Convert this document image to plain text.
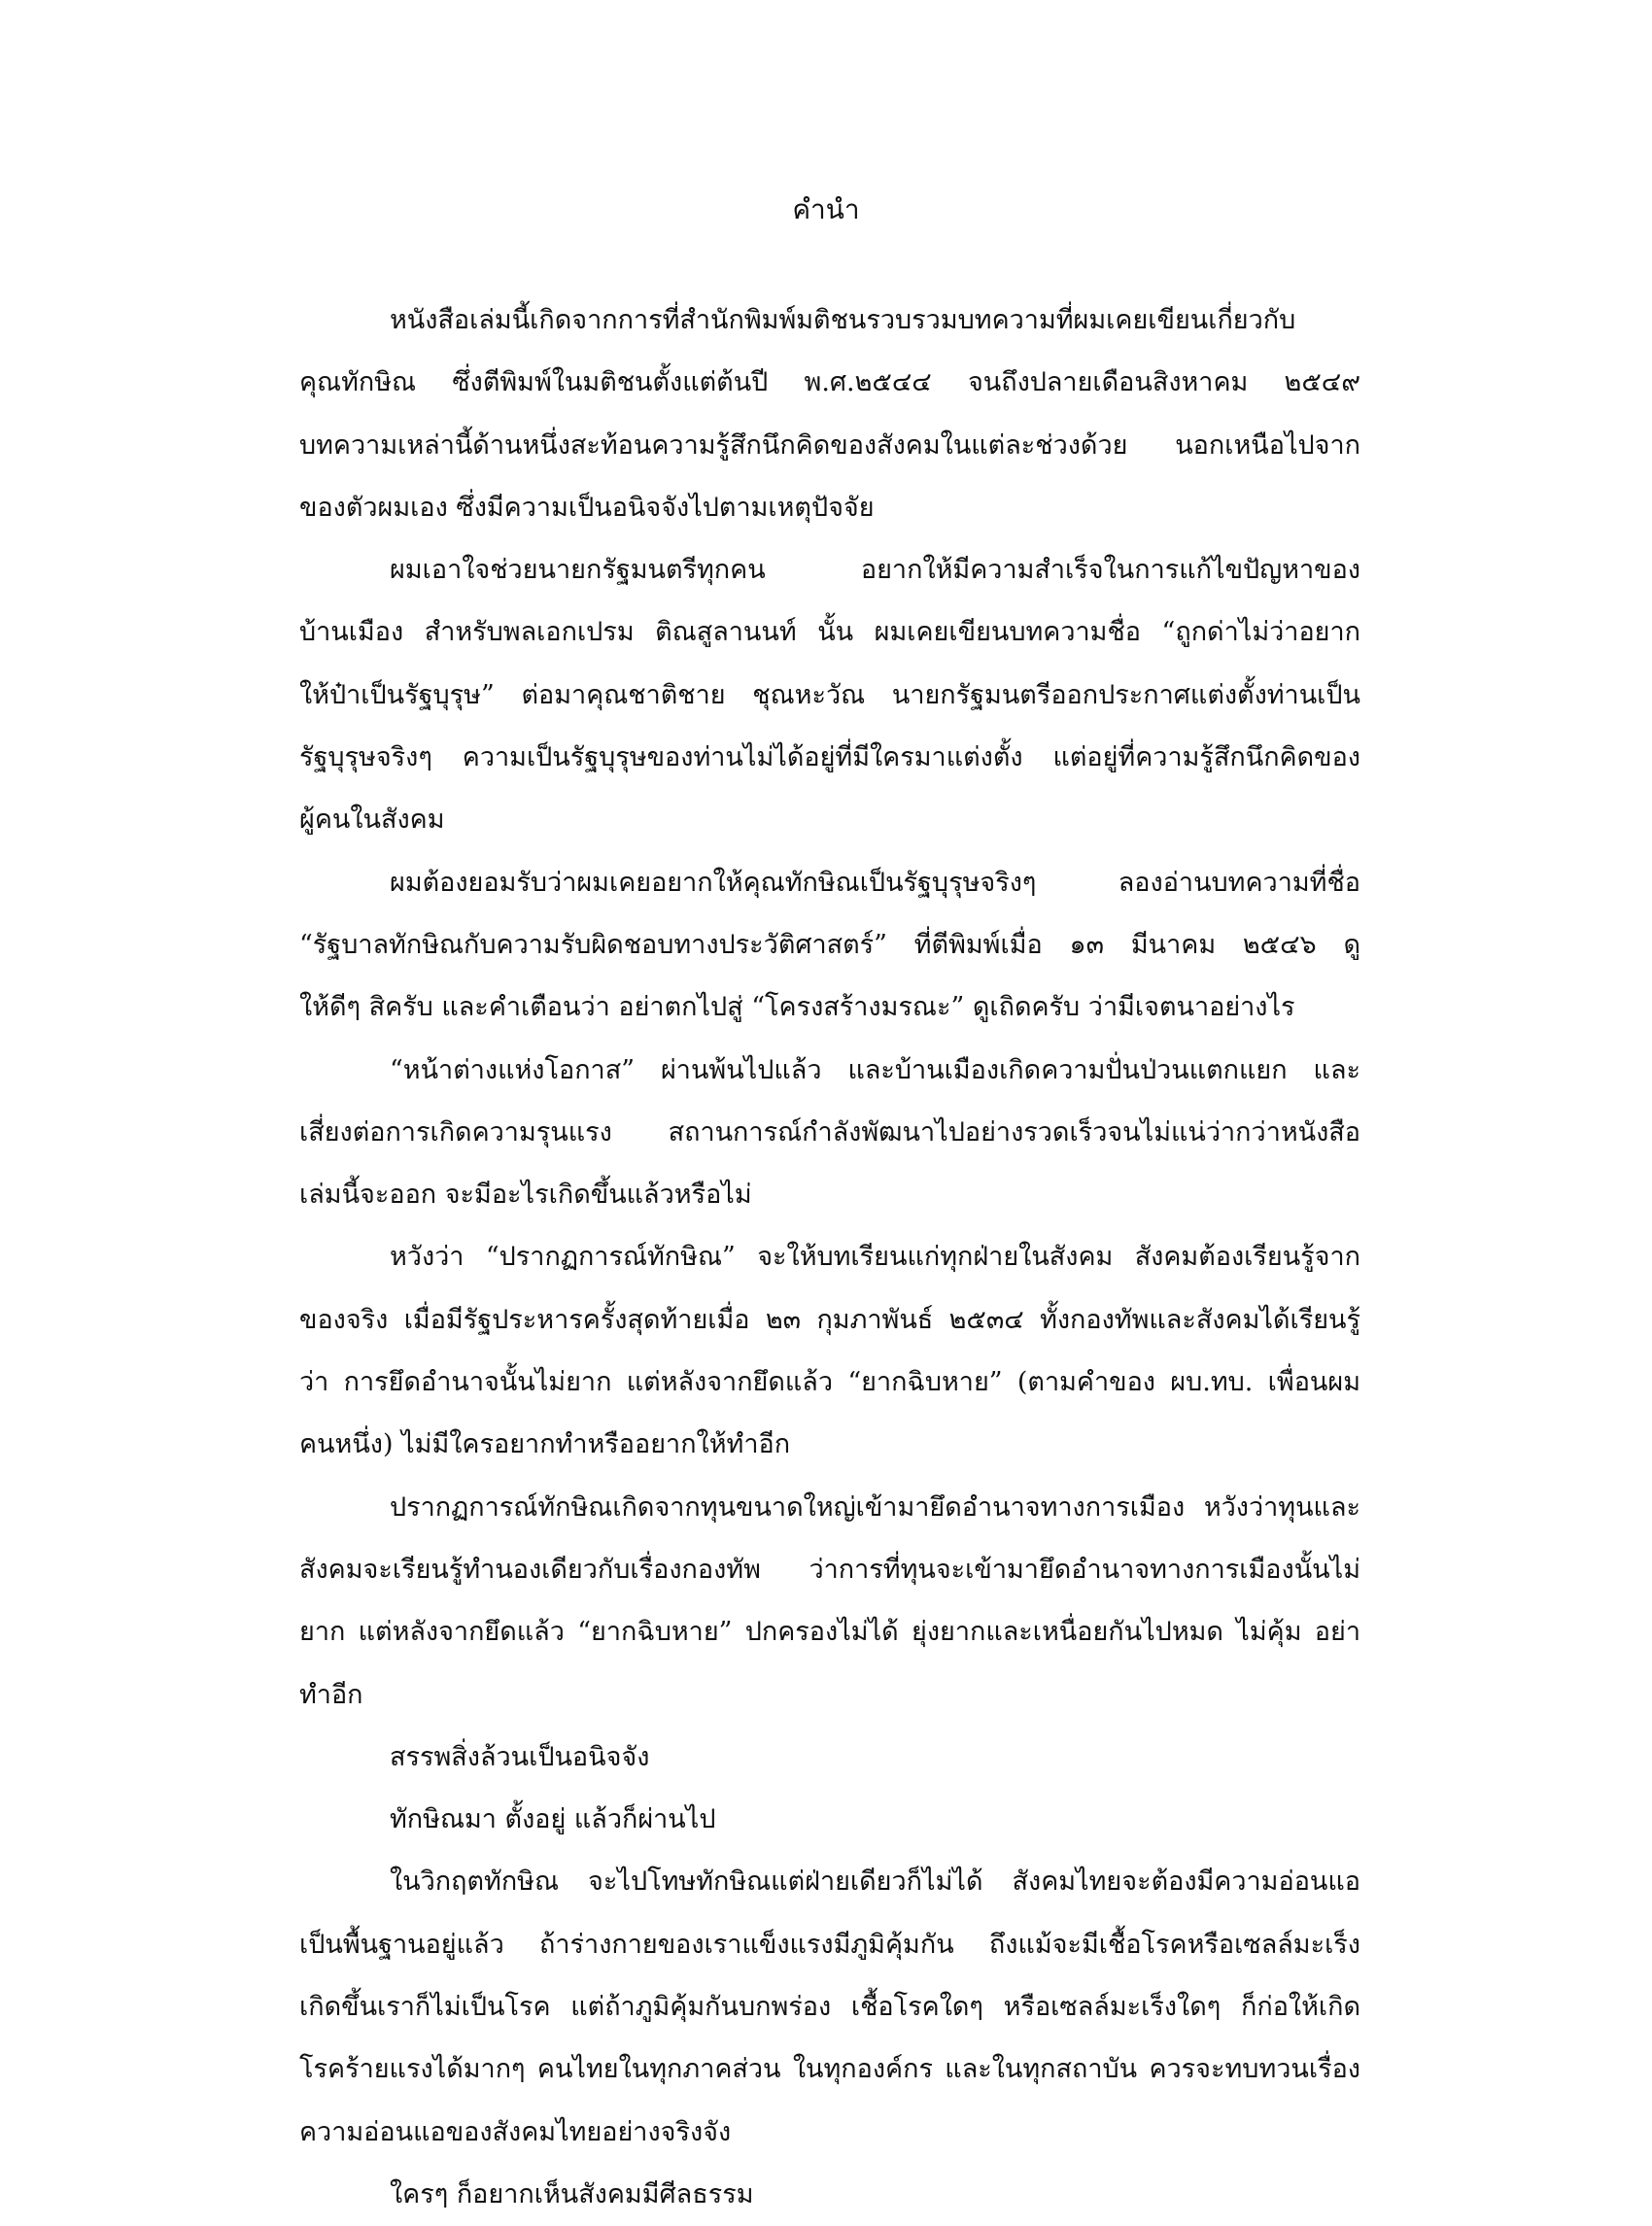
คำนำ
หนังสือเล่มนี้เกิดจากการที่สำนักพิมพ์มติชนรวบรวมบทความที่ผมเคยเขียนเกี่ยวกับ
คุณทักษิณ ซึ่งตีพิมพ์ในมติชนตั้งแต่ต้นปี พ.ศ.๒๕๔๔ จนถึงปลายเดือนสิงหาคม ๒๕๔๙
บทความเหล่านี้ด้านหนึ่งสะท้อนความรู้สึกนึกคิดของสังคมในแต่ละช่วงด้วย นอกเหนือไปจาก
ของตัวผมเอง ซึ่งมีความเป็นอนิจจังไปตามเหตุปัจจัย
ผมเอาใจช่วยนายกรัฐมนตรีทุกคน อยากให้มีความสำเร็จในการแก้ไขปัญหาของ
บ้านเมือง สำหรับพลเอกเปรม ติณสูลานนท์ นั้น ผมเคยเขียนบทความชื่อ “ถูกด่าไม่ว่าอยาก
ให้ป๋าเป็นรัฐบุรุษ” ต่อมาคุณชาติชาย ชุณหะวัณ นายกรัฐมนตรีออกประกาศแต่งตั้งท่านเป็น
รัฐบุรุษจริงๆ ความเป็นรัฐบุรุษของท่านไม่ได้อยู่ที่มีใครมาแต่งตั้ง แต่อยู่ที่ความรู้สึกนึกคิดของ
ผู้คนในสังคม
ผมต้องยอมรับว่าผมเคยอยากให้คุณทักษิณเป็นรัฐบุรุษจริงๆ ลองอ่านบทความที่ชื่อ
“รัฐบาลทักษิณกับความรับผิดชอบทางประวัติศาสตร์” ที่ตีพิมพ์เมื่อ ๑๓ มีนาคม ๒๕๔๖ ดู
ให้ดีๆ สิครับ และคำเตือนว่า อย่าตกไปสู่ “โครงสร้างมรณะ” ดูเถิดครับ ว่ามีเจตนาอย่างไร
“หน้าต่างแห่งโอกาส” ผ่านพ้นไปแล้ว และบ้านเมืองเกิดความปั่นป่วนแตกแยก และ
เสี่ยงต่อการเกิดความรุนแรง สถานการณ์กำลังพัฒนาไปอย่างรวดเร็วจนไม่แน่ว่ากว่าหนังสือ
เล่มนี้จะออก จะมีอะไรเกิดขึ้นแล้วหรือไม่
หวังว่า “ปรากฏการณ์ทักษิณ” จะให้บทเรียนแก่ทุกฝ่ายในสังคม สังคมต้องเรียนรู้จาก
ของจริง เมื่อมีรัฐประหารครั้งสุดท้ายเมื่อ ๒๓ กุมภาพันธ์ ๒๕๓๔ ทั้งกองทัพและสังคมได้เรียนรู้
ว่า การยึดอำนาจนั้นไม่ยาก แต่หลังจากยึดแล้ว “ยากฉิบหาย” (ตามคำของ ผบ.ทบ. เพื่อนผม
คนหนึ่ง) ไม่มีใครอยากทำหรืออยากให้ทำอีก
ปรากฏการณ์ทักษิณเกิดจากทุนขนาดใหญ่เข้ามายึดอำนาจทางการเมือง หวังว่าทุนและ
สังคมจะเรียนรู้ทำนองเดียวกับเรื่องกองทัพ ว่าการที่ทุนจะเข้ามายึดอำนาจทางการเมืองนั้นไม่
ยาก แต่หลังจากยึดแล้ว “ยากฉิบหาย” ปกครองไม่ได้ ยุ่งยากและเหนื่อยกันไปหมด ไม่คุ้ม อย่า
ทำอีก
สรรพสิ่งล้วนเป็นอนิจจัง
ทักษิณมา ตั้งอยู่ แล้วก็ผ่านไป
ในวิกฤตทักษิณ จะไปโทษทักษิณแต่ฝ่ายเดียวก็ไม่ได้ สังคมไทยจะต้องมีความอ่อนแอ
เป็นพื้นฐานอยู่แล้ว ถ้าร่างกายของเราแข็งแรงมีภูมิคุ้มกัน ถึงแม้จะมีเชื้อโรคหรือเซลล์มะเร็ง
เกิดขึ้นเราก็ไม่เป็นโรค แต่ถ้าภูมิคุ้มกันบกพร่อง เชื้อโรคใดๆ หรือเซลล์มะเร็งใดๆ ก็ก่อให้เกิด
โรคร้ายแรงได้มากๆ คนไทยในทุกภาคส่วน ในทุกองค์กร และในทุกสถาบัน ควรจะทบทวนเรื่อง
ความอ่อนแอของสังคมไทยอย่างจริงจัง
ใครๆ ก็อยากเห็นสังคมมีศีลธรรม
